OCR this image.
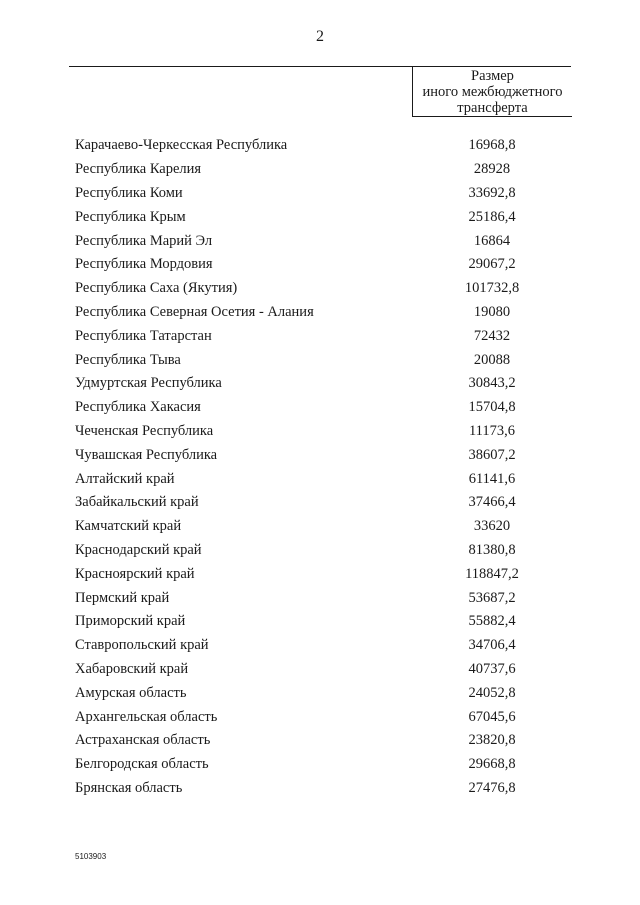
2
Размер
иного межбюджетного
трансферта
Карачаево-Черкесская Республика	16968,8
Республика Карелия	28928
Республика Коми	33692,8
Республика Крым	25186,4
Республика Марий Эл	16864
Республика Мордовия	29067,2
Республика Саха (Якутия)	101732,8
Республика Северная Осетия - Алания	19080
Республика Татарстан	72432
Республика Тыва	20088
Удмуртская Республика	30843,2
Республика Хакасия	15704,8
Чеченская Республика	11173,6
Чувашская Республика	38607,2
Алтайский край	61141,6
Забайкальский край	37466,4
Камчатский край	33620
Краснодарский край	81380,8
Красноярский край	118847,2
Пермский край	53687,2
Приморский край	55882,4
Ставропольский край	34706,4
Хабаровский край	40737,6
Амурская область	24052,8
Архангельская область	67045,6
Астраханская область	23820,8
Белгородская область	29668,8
Брянская область	27476,8
5103903
